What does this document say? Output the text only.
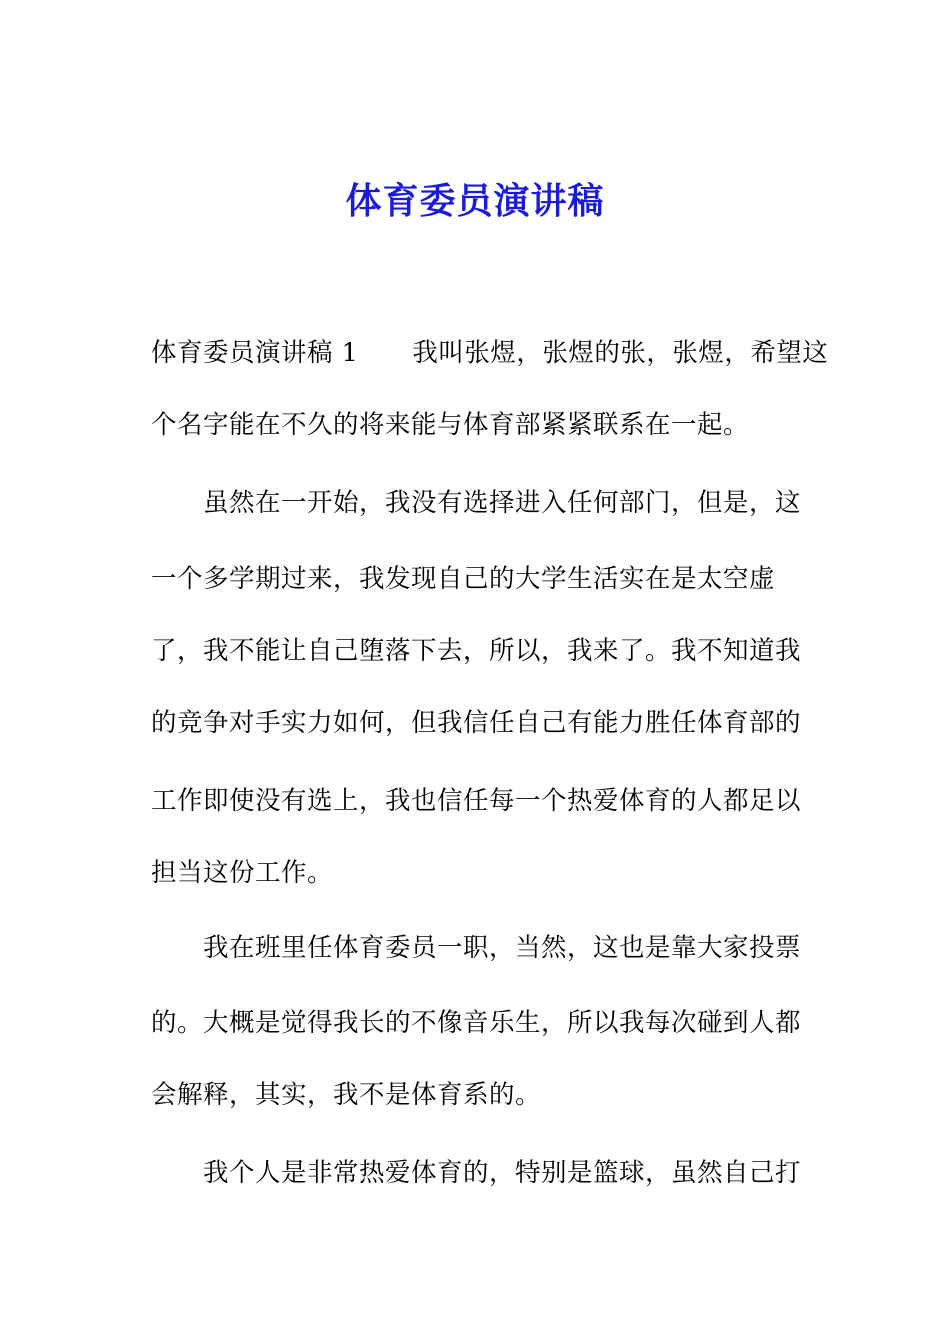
体育委员演讲稿
体育委员演讲稿 1 我叫张煜，张煜的张，张煜，希望这
个名字能在不久的将来能与体育部紧紧联系在一起。
虽然在一开始，我没有选择进入任何部门，但是，这
一个多学期过来，我发现自己的大学生活实在是太空虚
了，我不能让自己堕落下去，所以，我来了。我不知道我
的竞争对手实力如何，但我信任自己有能力胜任体育部的
工作即使没有选上，我也信任每一个热爱体育的人都足以
担当这份工作。
我在班里任体育委员一职，当然，这也是靠大家投票
的。大概是觉得我长的不像音乐生，所以我每次碰到人都
会解释，其实，我不是体育系的。
我个人是非常热爱体育的，特别是篮球，虽然自己打
